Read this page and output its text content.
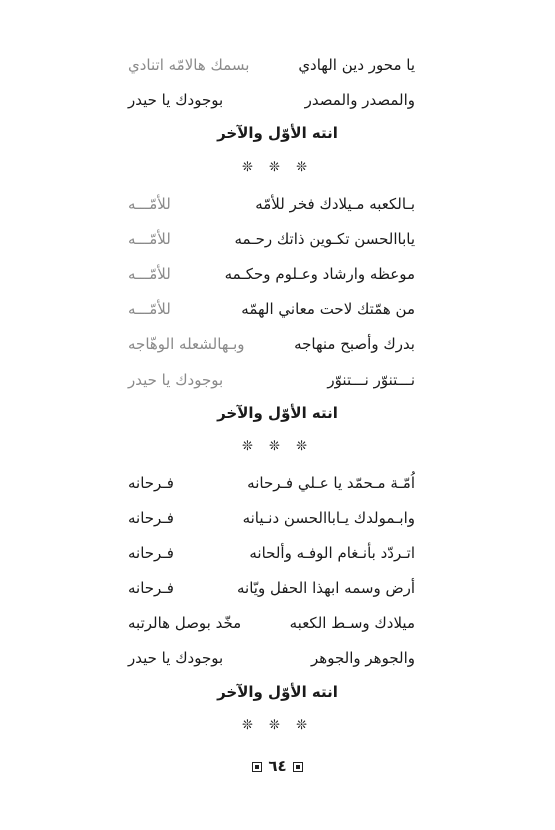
يا محور دين الهادي
بسمك هالامّه اتنادي
والمصدر والمصدر
بوجودك يا حيدر
انته الأوّل والآخر
❊ ❊ ❊
بـالكعبه مـيلادك فخر للأمّه
للأمّـــه
ياباالحسن تكـوين ذاتك رحـمه
للأمّـــه
موعظه وارشاد وعـلوم وحكـمه
للأمّـــه
من همّتك لاحت معاني الهمّه
للأمّـــه
بدرك وأصبح منهاجه
وبـهالشعله الوهّاجه
نـــتنوّر نـــتنوّر
بوجودك يا حيدر
انته الأوّل والآخر
❊ ❊ ❊
اُمّـة مـحمّد يا عـلي فـرحانه
فـرحانه
وابـمولدك يـاباالحسن دنـيانه
فـرحانه
اتـردّد بأنـغام الوفـه وألحانه
فـرحانه
أرض وسمه ابهذا الحفل ويّانه
فـرحانه
ميلادك وسـط الكعبه
مخّد بوصل هالرتبه
والجوهر والجوهر
بوجودك يا حيدر
انته الأوّل والآخر
❊ ❊ ❊
٦٤
